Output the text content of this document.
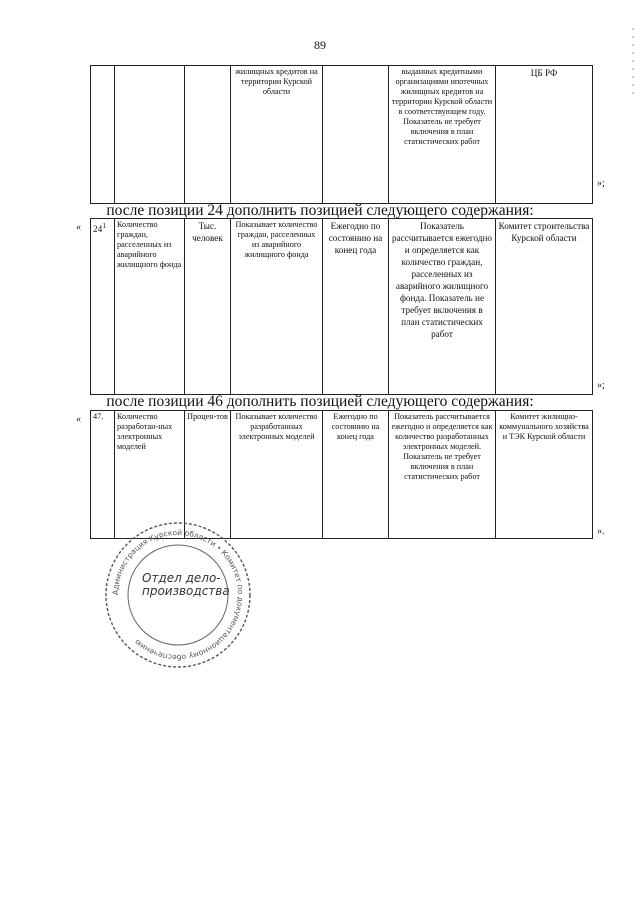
89
			жилищных кредитов на территории Курской области		выданных кредитными организациями ипотечных жилищных кредитов на территории Курской области в соответствующем году. Показатель не требует включения в план статистических работ	ЦБ РФ
»;
после позиции 24 дополнить позицией следующего содержания:
« $24^1$	Количество граждан, расселенных из аварийного жилищного фонда	Тыс. человек	Показывает количество граждан, расселенных из аварийного жилищного фонда	Ежегодно по состоянию на конец года	Показатель рассчитывается ежегодно и определяется как количество граждан, расселенных из аварийного жилищного фонда. Показатель не требует включения в план статистических работ	Комитет строительства Курской области
»;
после позиции 46 дополнить позицией следующего содержания:
« 47.	Количество разработан-ных электронных моделей	Процен-тов	Показывает количество разработанных электронных моделей	Ежегодно по состоянию на конец года	Показатель рассчитывается ежегодно и определяется как количество разработанных электронных моделей. Показатель не требует включения в план статистических работ	Комитет жилищно-коммунального хозяйства и ТЭК Курской области
».
Администрация Курской области • Комитет по документационному обеспечению
Отдел дело-производства
